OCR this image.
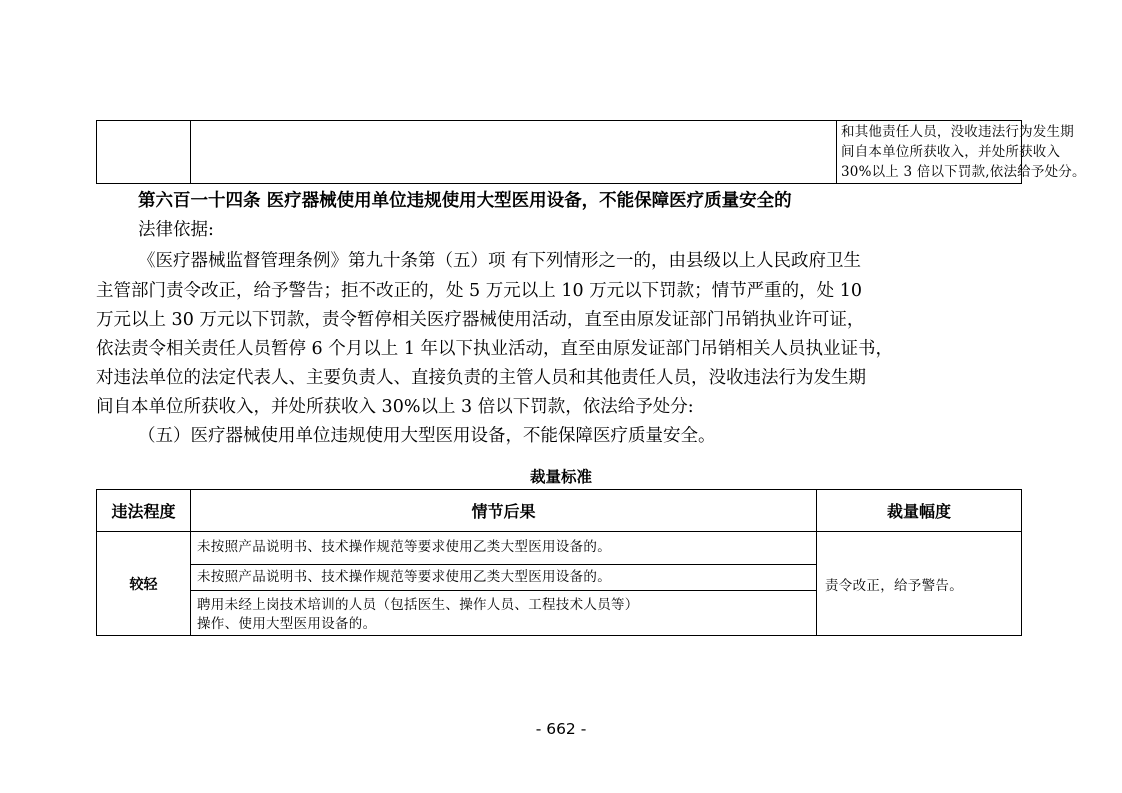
和其他责任人员，没收违法行为发生期
间自本单位所获收入，并处所获收入
30%以上 3 倍以下罚款,依法给予处分。
第六百一十四条 医疗器械使用单位违规使用大型医用设备，不能保障医疗质量安全的
法律依据:
《医疗器械监督管理条例》第九十条第（五）项 有下列情形之一的，由县级以上人民政府卫生
主管部门责令改正，给予警告；拒不改正的，处 5 万元以上 10 万元以下罚款；情节严重的，处 10
万元以上 30 万元以下罚款，责令暂停相关医疗器械使用活动，直至由原发证部门吊销执业许可证，
依法责令相关责任人员暂停 6 个月以上 1 年以下执业活动，直至由原发证部门吊销相关人员执业证书，
对违法单位的法定代表人、主要负责人、直接负责的主管人员和其他责任人员，没收违法行为发生期
间自本单位所获收入，并处所获收入 30%以上 3 倍以下罚款，依法给予处分:
（五）医疗器械使用单位违规使用大型医用设备，不能保障医疗质量安全。
裁量标准
违法程度	情节后果	裁量幅度
较轻
未按照产品说明书、技术操作规范等要求使用乙类大型医用设备的。
未按照产品说明书、技术操作规范等要求使用乙类大型医用设备的。
聘用未经上岗技术培训的人员（包括医生、操作人员、工程技术人员等）
操作、使用大型医用设备的。
责令改正，给予警告。
- 662 -
